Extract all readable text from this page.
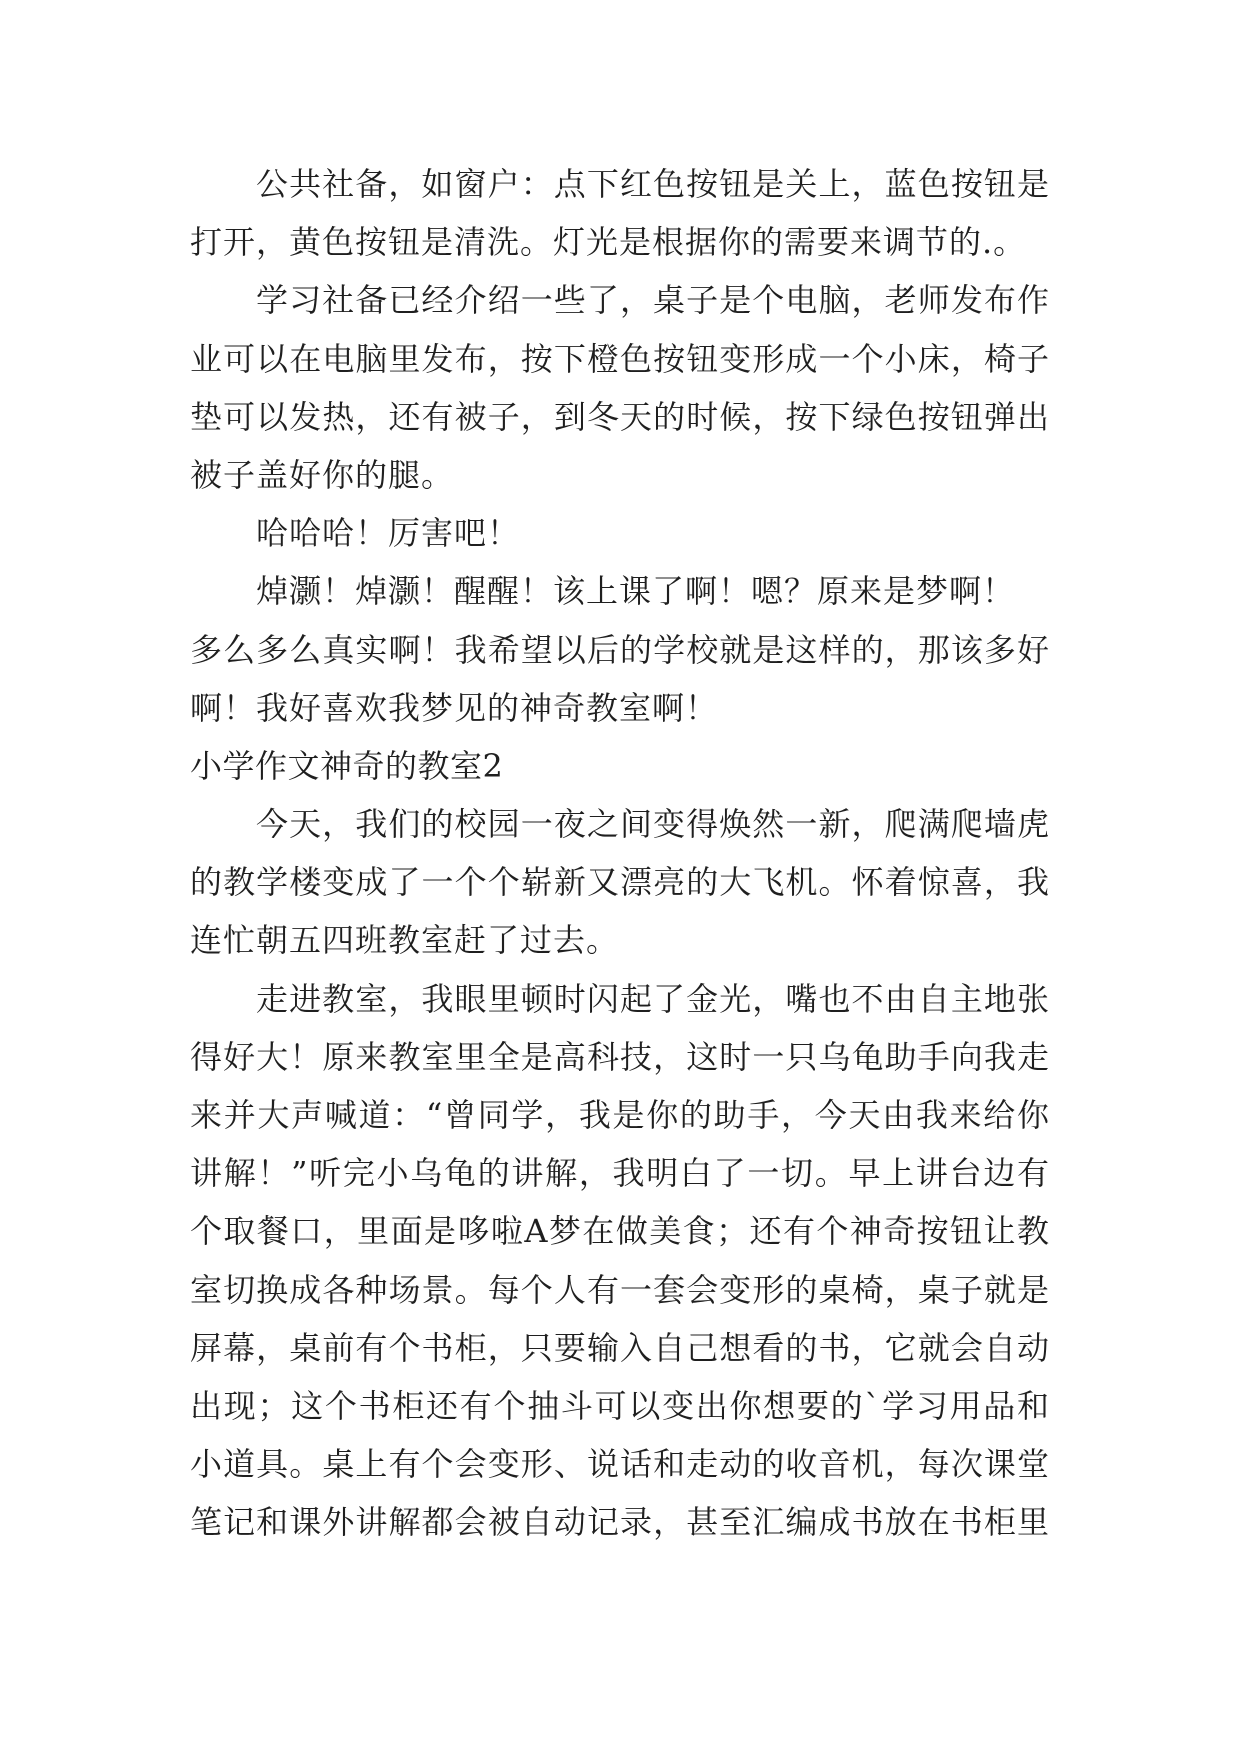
公共社备，如窗户：点下红色按钮是关上，蓝色按钮是
打开，黄色按钮是清洗。灯光是根据你的需要来调节的.。
学习社备已经介绍一些了，桌子是个电脑，老师发布作
业可以在电脑里发布，按下橙色按钮变形成一个小床，椅子
垫可以发热，还有被子，到冬天的时候，按下绿色按钮弹出
被子盖好你的腿。
哈哈哈！厉害吧！
焯灏！焯灏！醒醒！该上课了啊！嗯？原来是梦啊！
多么多么真实啊！我希望以后的学校就是这样的，那该多好
啊！我好喜欢我梦见的神奇教室啊！
小学作文神奇的教室2
今天，我们的校园一夜之间变得焕然一新，爬满爬墙虎
的教学楼变成了一个个崭新又漂亮的大飞机。怀着惊喜，我
连忙朝五四班教室赶了过去。
走进教室，我眼里顿时闪起了金光，嘴也不由自主地张
得好大！原来教室里全是高科技，这时一只乌龟助手向我走
来并大声喊道：“曾同学，我是你的助手，今天由我来给你
讲解！”听完小乌龟的讲解，我明白了一切。早上讲台边有
个取餐口，里面是哆啦A梦在做美食；还有个神奇按钮让教
室切换成各种场景。每个人有一套会变形的桌椅，桌子就是
屏幕，桌前有个书柜，只要输入自己想看的书，它就会自动
出现；这个书柜还有个抽斗可以变出你想要的`学习用品和
小道具。桌上有个会变形、说话和走动的收音机，每次课堂
笔记和课外讲解都会被自动记录，甚至汇编成书放在书柜里
